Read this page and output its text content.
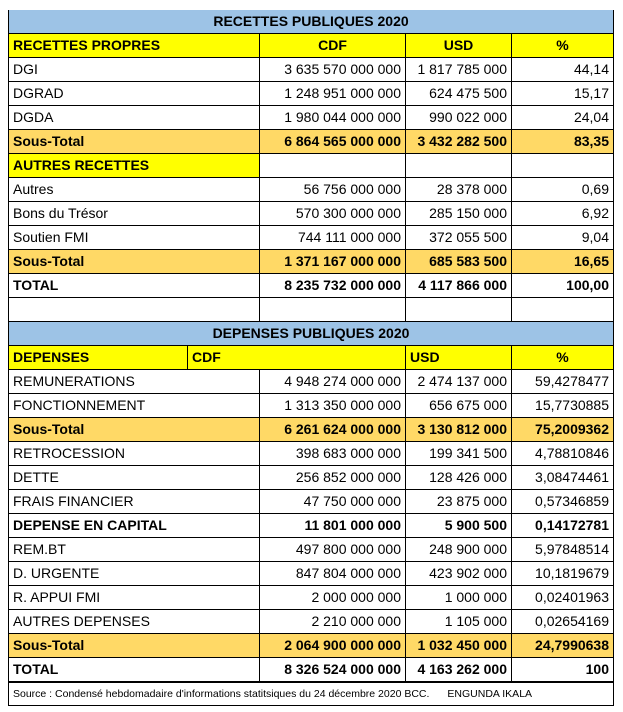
RECETTES PUBLIQUES 2020
RECETTES PROPRES	CDF	USD	%
DGI	3 635 570 000 000	1 817 785 000	44,14
DGRAD	1 248 951 000 000	624 475 500	15,17
DGDA	1 980 044 000 000	990 022 000	24,04
Sous-Total	6 864 565 000 000	3 432 282 500	83,35
AUTRES RECETTES
Autres	56 756 000 000	28 378 000	0,69
Bons du Trésor	570 300 000 000	285 150 000	6,92
Soutien FMI	744 111 000 000	372 055 500	9,04
Sous-Total	1 371 167 000 000	685 583 500	16,65
TOTAL	8 235 732 000 000	4 117 866 000	100,00
DEPENSES PUBLIQUES 2020
DEPENSES	CDF	USD	%
REMUNERATIONS	4 948 274 000 000	2 474 137 000	59,4278477
FONCTIONNEMENT	1 313 350 000 000	656 675 000	15,7730885
Sous-Total	6 261 624 000 000	3 130 812 000	75,2009362
RETROCESSION	398 683 000 000	199 341 500	4,78810846
DETTE	256 852 000 000	128 426 000	3,08474461
FRAIS FINANCIER	47 750 000 000	23 875 000	0,57346859
DEPENSE EN CAPITAL	11 801 000 000	5 900 500	0,14172781
REM.BT	497 800 000 000	248 900 000	5,97848514
D. URGENTE	847 804 000 000	423 902 000	10,1819679
R. APPUI FMI	2 000 000 000	1 000 000	0,02401963
AUTRES DEPENSES	2 210 000 000	1 105 000	0,02654169
Sous-Total	2 064 900 000 000	1 032 450 000	24,7990638
TOTAL	8 326 524 000 000	4 163 262 000	100
Source : Condensé hebdomadaire d'informations statitsiques du 24 décembre 2020 BCC. ENGUNDA IKALA
